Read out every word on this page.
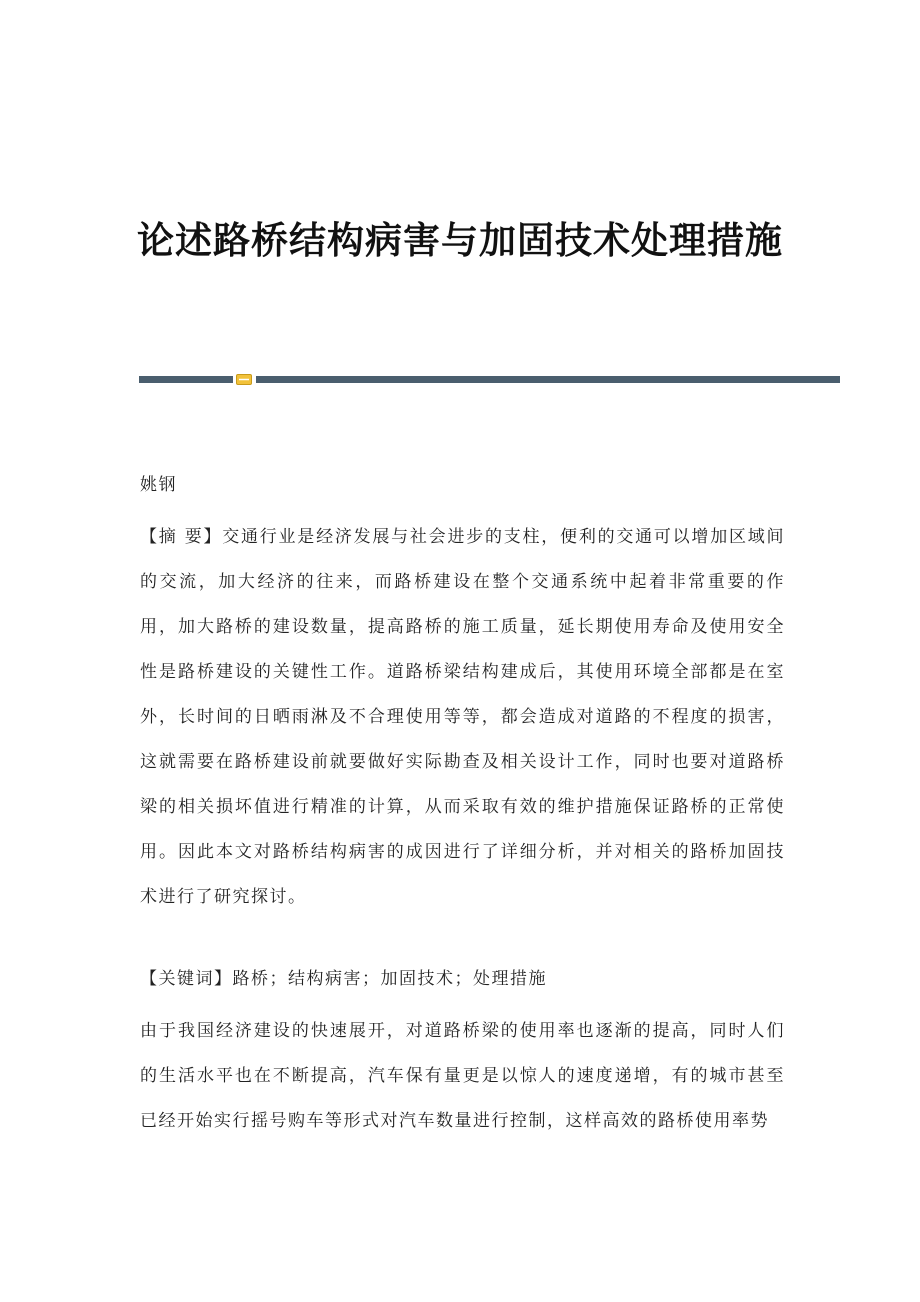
论述路桥结构病害与加固技术处理措施
姚钢
【摘 要】交通行业是经济发展与社会进步的支柱，便利的交通可以增加区域间的交流，加大经济的往来，而路桥建设在整个交通系统中起着非常重要的作用，加大路桥的建设数量，提高路桥的施工质量，延长期使用寿命及使用安全性是路桥建设的关键性工作。道路桥梁结构建成后，其使用环境全部都是在室外，长时间的日晒雨淋及不合理使用等等，都会造成对道路的不程度的损害，这就需要在路桥建设前就要做好实际勘查及相关设计工作，同时也要对道路桥梁的相关损坏值进行精准的计算，从而采取有效的维护措施保证路桥的正常使用。因此本文对路桥结构病害的成因进行了详细分析，并对相关的路桥加固技术进行了研究探讨。
【关键词】路桥；结构病害；加固技术；处理措施
由于我国经济建设的快速展开，对道路桥梁的使用率也逐渐的提高，同时人们的生活水平也在不断提高，汽车保有量更是以惊人的速度递增，有的城市甚至已经开始实行摇号购车等形式对汽车数量进行控制，这样高效的路桥使用率势
